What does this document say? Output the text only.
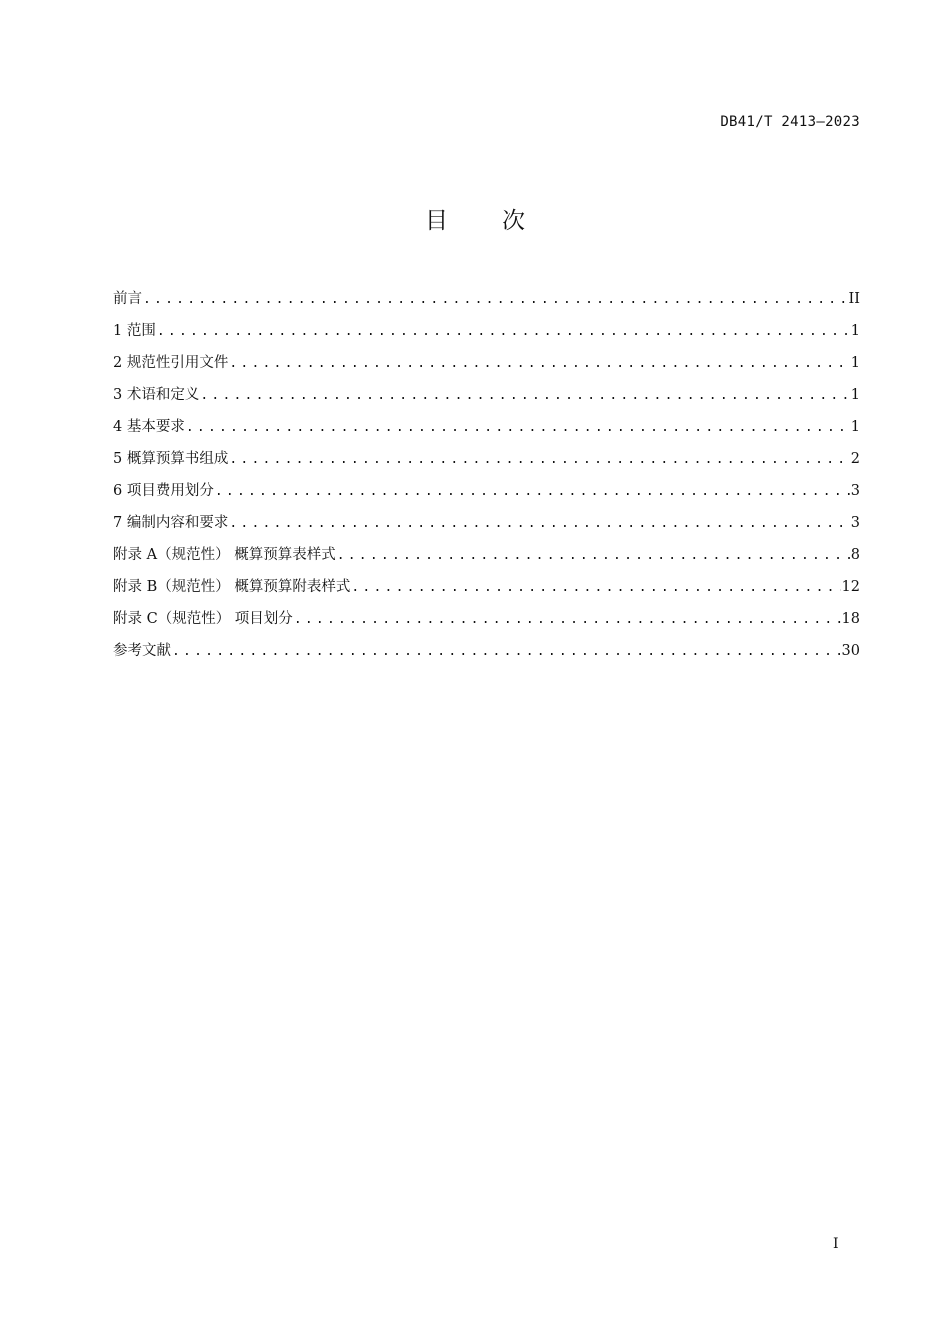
DB41/T 2413—2023
目次
前言 . . .	II
1 范围 . . .	1
2 规范性引用文件 . . .	1
3 术语和定义 . . .	1
4 基本要求 . . .	1
5 概算预算书组成 . . .	2
6 项目费用划分 . . .	3
7 编制内容和要求 . . .	3
附录 A（规范性） 概算预算表样式 . . .	8
附录 B（规范性） 概算预算附表样式 . . .	12
附录 C（规范性） 项目划分 . . .	18
参考文献 . . .	30
I
